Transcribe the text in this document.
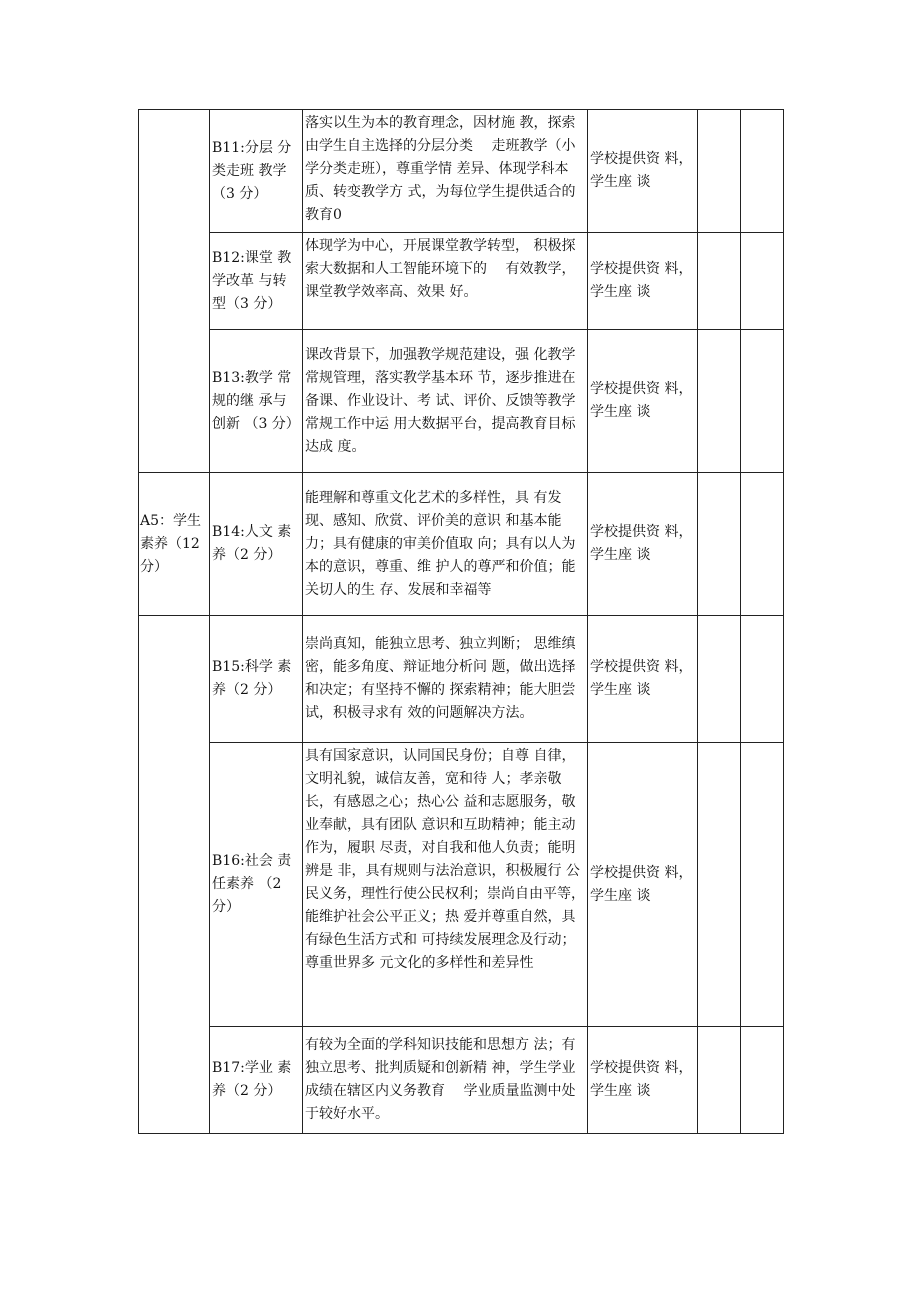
	B11:分层 分类走班 教学（3 分）	落实以生为本的教育理念，因材施 教，探索由学生自主选择的分层分类　 走班教学（小学分类走班），尊重学情 差异、体现学科本质、转变教学方 式，为每位学生提供适合的教育0	学校提供资 料，学生座 谈		
	B12:课堂 教学改革 与转型（3 分）	体现学为中心，开展课堂教学转型， 积极探索大数据和人工智能环境下的　 有效教学，课堂教学效率高、效果 好。	学校提供资 料，学生座 谈		
	B13:教学 常规的继 承与创新 （3 分）	课改背景下，加强教学规范建设，强 化教学常规管理，落实教学基本环 节，逐步推进在备课、作业设计、考 试、评价、反馈等教学常规工作中运 用大数据平台，提高教育目标达成 度。	学校提供资 料，学生座 谈		
A5：学生素养（12 分）	B14:人文 素养（2 分）	能理解和尊重文化艺术的多样性，具 有发现、感知、欣赏、评价美的意识 和基本能力；具有健康的审美价值取 向；具有以人为本的意识，尊重、维 护人的尊严和价值；能关切人的生 存、发展和幸福等	学校提供资 料，学生座 谈		
	B15:科学 素养（2 分）	崇尚真知，能独立思考、独立判断； 思维缜密，能多角度、辩证地分析问 题，做出选择和决定；有坚持不懈的 探索精神；能大胆尝试，积极寻求有 效的问题解决方法。	学校提供资 料，学生座 谈		
	B16:社会 责任素养 （2 分）	具有国家意识，认同国民身份；自尊 自律，文明礼貌，诚信友善，宽和待 人；孝亲敬长，有感恩之心；热心公 益和志愿服务，敬业奉献，具有团队 意识和互助精神；能主动作为，履职 尽责，对自我和他人负责；能明辨是 非，具有规则与法治意识，积极履行 公民义务，理性行使公民权利；崇尚自由平等，能维护社会公平正义；热 爱并尊重自然，具有绿色生活方式和 可持续发展理念及行动；尊重世界多 元文化的多样性和差异性	学校提供资 料，学生座 谈		
	B17:学业 素养（2 分）	有较为全面的学科知识技能和思想方 法；有独立思考、批判质疑和创新精 神，学生学业成绩在辖区内义务教育　 学业质量监测中处于较好水平。	学校提供资 料，学生座 谈		
